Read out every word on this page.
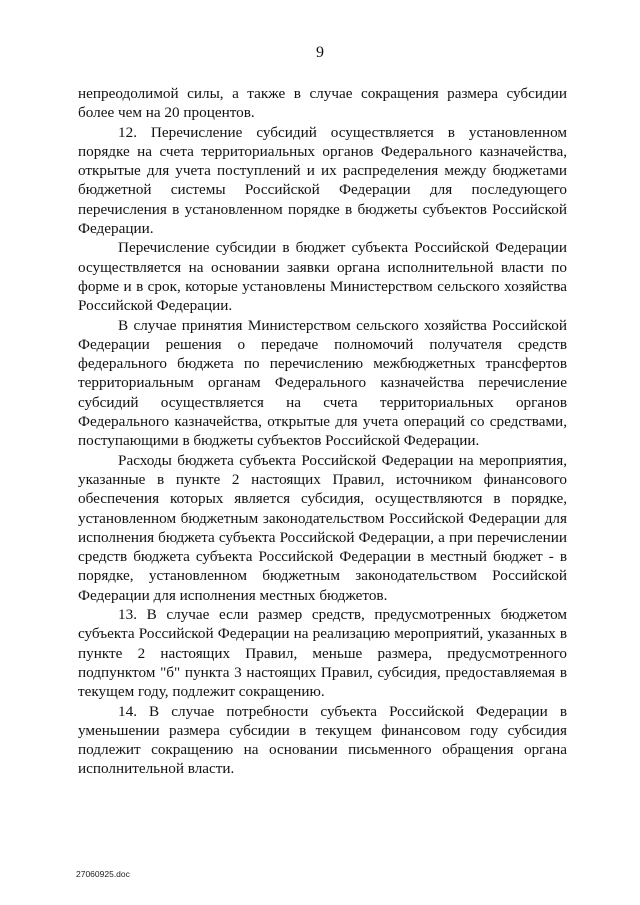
9

непреодолимой силы, а также в случае сокращения размера субсидии более чем на 20 процентов.

12. Перечисление субсидий осуществляется в установленном порядке на счета территориальных органов Федерального казначейства, открытые для учета поступлений и их распределения между бюджетами бюджетной системы Российской Федерации для последующего перечисления в установленном порядке в бюджеты субъектов Российской Федерации.

Перечисление субсидии в бюджет субъекта Российской Федерации осуществляется на основании заявки органа исполнительной власти по форме и в срок, которые установлены Министерством сельского хозяйства Российской Федерации.

В случае принятия Министерством сельского хозяйства Российской Федерации решения о передаче полномочий получателя средств федерального бюджета по перечислению межбюджетных трансфертов территориальным органам Федерального казначейства перечисление субсидий осуществляется на счета территориальных органов Федерального казначейства, открытые для учета операций со средствами, поступающими в бюджеты субъектов Российской Федерации.

Расходы бюджета субъекта Российской Федерации на мероприятия, указанные в пункте 2 настоящих Правил, источником финансового обеспечения которых является субсидия, осуществляются в порядке, установленном бюджетным законодательством Российской Федерации для исполнения бюджета субъекта Российской Федерации, а при перечислении средств бюджета субъекта Российской Федерации в местный бюджет - в порядке, установленном бюджетным законодательством Российской Федерации для исполнения местных бюджетов.

13. В случае если размер средств, предусмотренных бюджетом субъекта Российской Федерации на реализацию мероприятий, указанных в пункте 2 настоящих Правил, меньше размера, предусмотренного подпунктом "б" пункта 3 настоящих Правил, субсидия, предоставляемая в текущем году, подлежит сокращению.

14. В случае потребности субъекта Российской Федерации в уменьшении размера субсидии в текущем финансовом году субсидия подлежит сокращению на основании письменного обращения органа исполнительной власти.

27060925.doc
